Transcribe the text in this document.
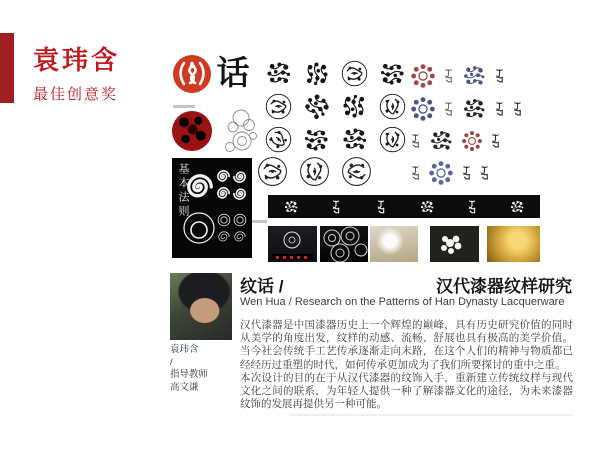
袁玮含
最佳创意奖
话
基本法则
纹话 /	汉代漆器纹样研究
Wen Hua / Research on the Patterns of Han Dynasty Lacquerware

汉代漆器是中国漆器历史上一个辉煌的巅峰，具有历史研究价值的同时从美学的角度出发，纹样的动感、流畅、舒展也具有极高的美学价值。当今社会传统手工艺传承逐渐走向末路，在这个人们的精神与物质都已经经历过重塑的时代，如何传承更加成为了我们所要探讨的重中之重。

本次设计的目的在于从汉代漆器的纹饰入手，重新建立传统纹样与现代文化之间的联系，为年轻人提供一种了解漆器文化的途径，为未来漆器纹饰的发展再提供另一种可能。

袁玮含
/
指导教师
高文谦
